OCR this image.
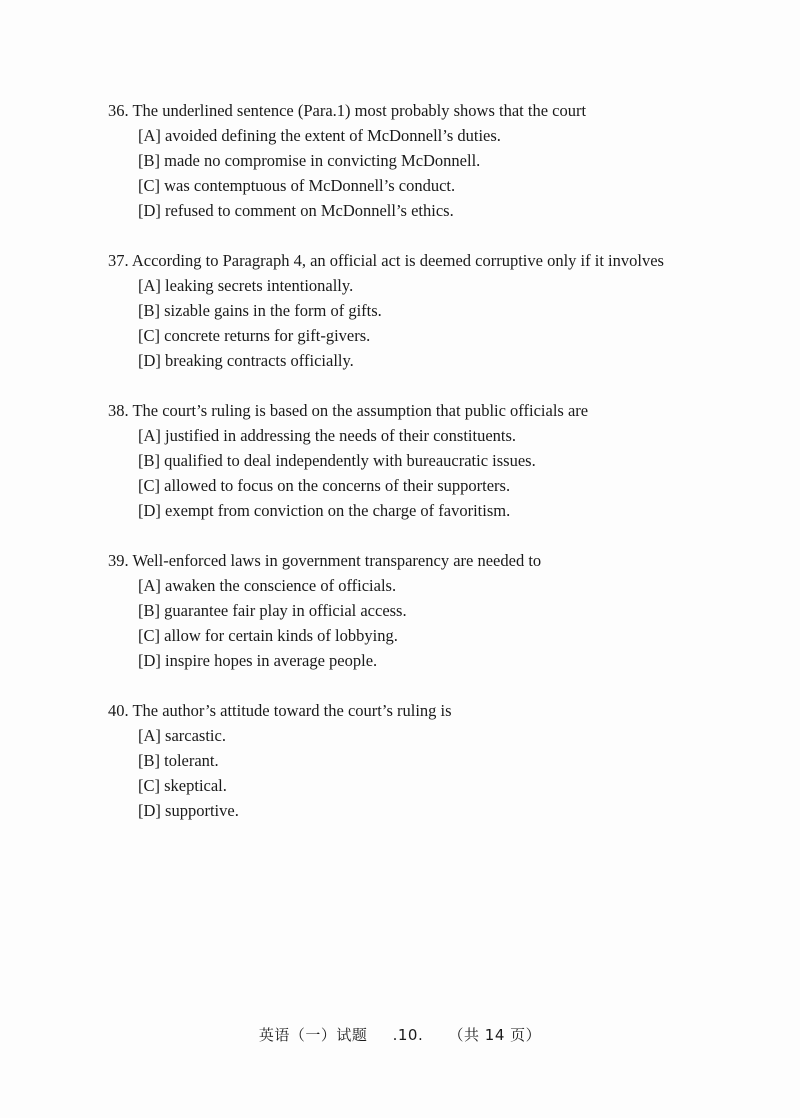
36. The underlined sentence (Para.1) most probably shows that the court
[A] avoided defining the extent of McDonnell’s duties.
[B] made no compromise in convicting McDonnell.
[C] was contemptuous of McDonnell’s conduct.
[D] refused to comment on McDonnell’s ethics.
37. According to Paragraph 4, an official act is deemed corruptive only if it involves
[A] leaking secrets intentionally.
[B] sizable gains in the form of gifts.
[C] concrete returns for gift-givers.
[D] breaking contracts officially.
38. The court’s ruling is based on the assumption that public officials are
[A] justified in addressing the needs of their constituents.
[B] qualified to deal independently with bureaucratic issues.
[C] allowed to focus on the concerns of their supporters.
[D] exempt from conviction on the charge of favoritism.
39. Well-enforced laws in government transparency are needed to
[A] awaken the conscience of officials.
[B] guarantee fair play in official access.
[C] allow for certain kinds of lobbying.
[D] inspire hopes in average people.
40. The author’s attitude toward the court’s ruling is
[A] sarcastic.
[B] tolerant.
[C] skeptical.
[D] supportive.
英语（一）试题 .10. （共 14 页）
